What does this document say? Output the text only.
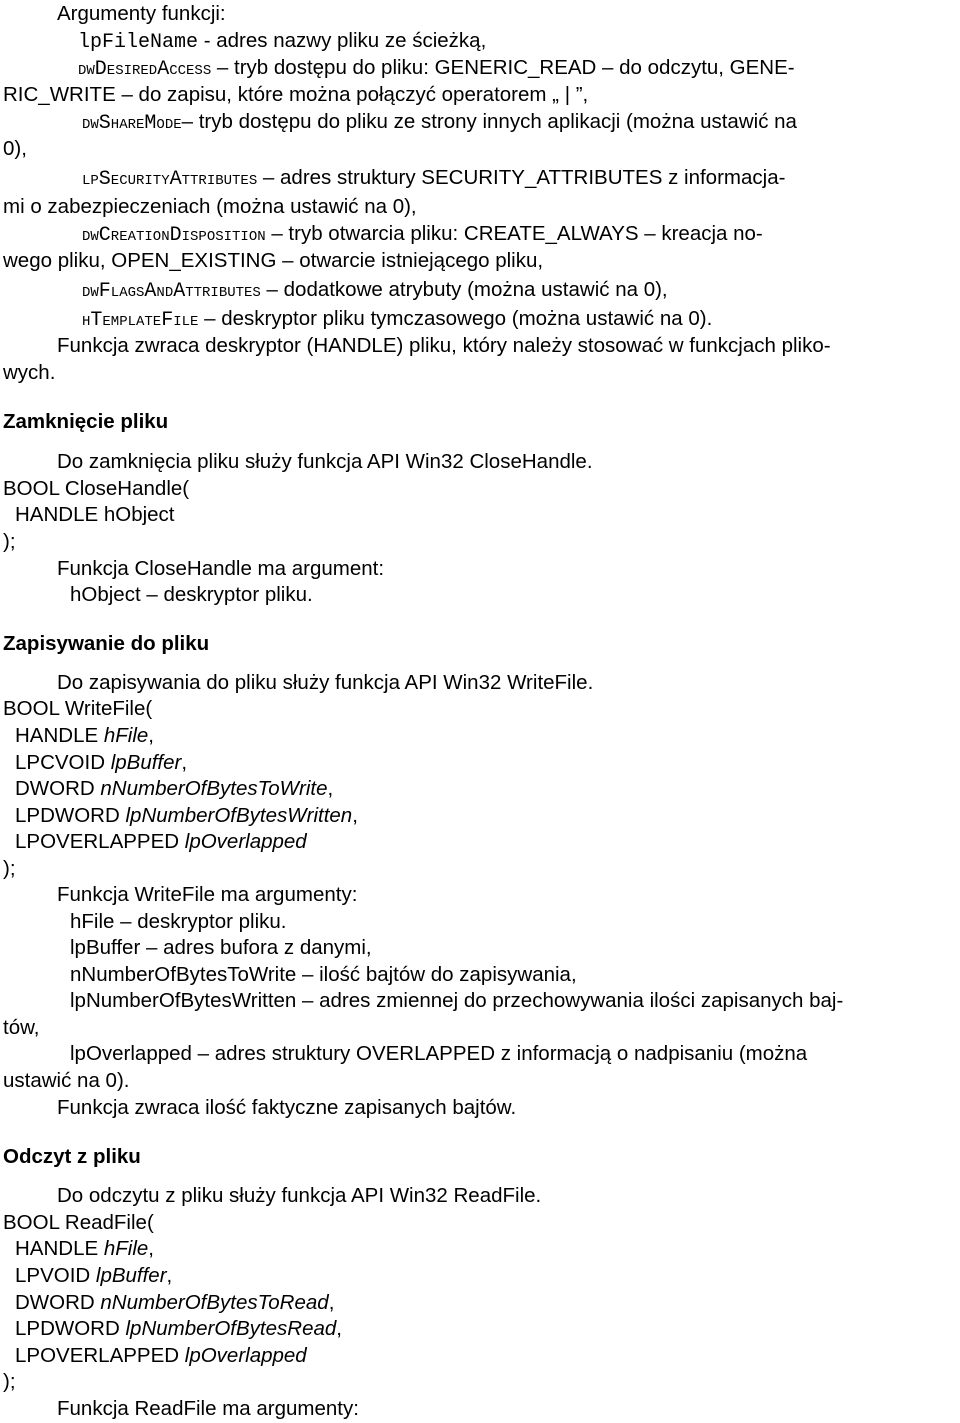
Argumenty funkcji:
lpFileName - adres nazwy pliku ze ścieżką,
dwDesiredAccess – tryb dostępu do pliku: GENERIC_READ – do odczytu, GENE-
RIC_WRITE – do zapisu, które można połączyć operatorem „ | ”,
dwShareMode– tryb dostępu do pliku ze strony innych aplikacji (można ustawić na
0),
lpSecurityAttributes – adres struktury SECURITY_ATTRIBUTES z informacja-
mi o zabezpieczeniach (można ustawić na 0),
dwCreationDisposition – tryb otwarcia pliku: CREATE_ALWAYS – kreacja no-
wego pliku, OPEN_EXISTING – otwarcie istniejącego pliku,
dwFlagsAndAttributes – dodatkowe atrybuty (można ustawić na 0),
hTemplateFile – deskryptor pliku tymczasowego (można ustawić na 0).
Funkcja zwraca deskryptor (HANDLE) pliku, który należy stosować w funkcjach pliko-
wych.
Zamknięcie pliku
Do zamknięcia pliku służy funkcja API Win32 CloseHandle.
BOOL CloseHandle(
HANDLE hObject
);
Funkcja CloseHandle ma argument:
hObject – deskryptor pliku.
Zapisywanie do pliku
Do zapisywania do pliku służy funkcja API Win32 WriteFile.
BOOL WriteFile(
HANDLE hFile,
LPCVOID lpBuffer,
DWORD nNumberOfBytesToWrite,
LPDWORD lpNumberOfBytesWritten,
LPOVERLAPPED lpOverlapped
);
Funkcja WriteFile ma argumenty:
hFile – deskryptor pliku.
lpBuffer – adres bufora z danymi,
nNumberOfBytesToWrite – ilość bajtów do zapisywania,
lpNumberOfBytesWritten – adres zmiennej do przechowywania ilości zapisanych baj-
tów,
lpOverlapped – adres struktury OVERLAPPED z informacją o nadpisaniu (można
ustawić na 0).
Funkcja zwraca ilość faktyczne zapisanych bajtów.
Odczyt z pliku
Do odczytu z pliku służy funkcja API Win32 ReadFile.
BOOL ReadFile(
HANDLE hFile,
LPVOID lpBuffer,
DWORD nNumberOfBytesToRead,
LPDWORD lpNumberOfBytesRead,
LPOVERLAPPED lpOverlapped
);
Funkcja ReadFile ma argumenty:
